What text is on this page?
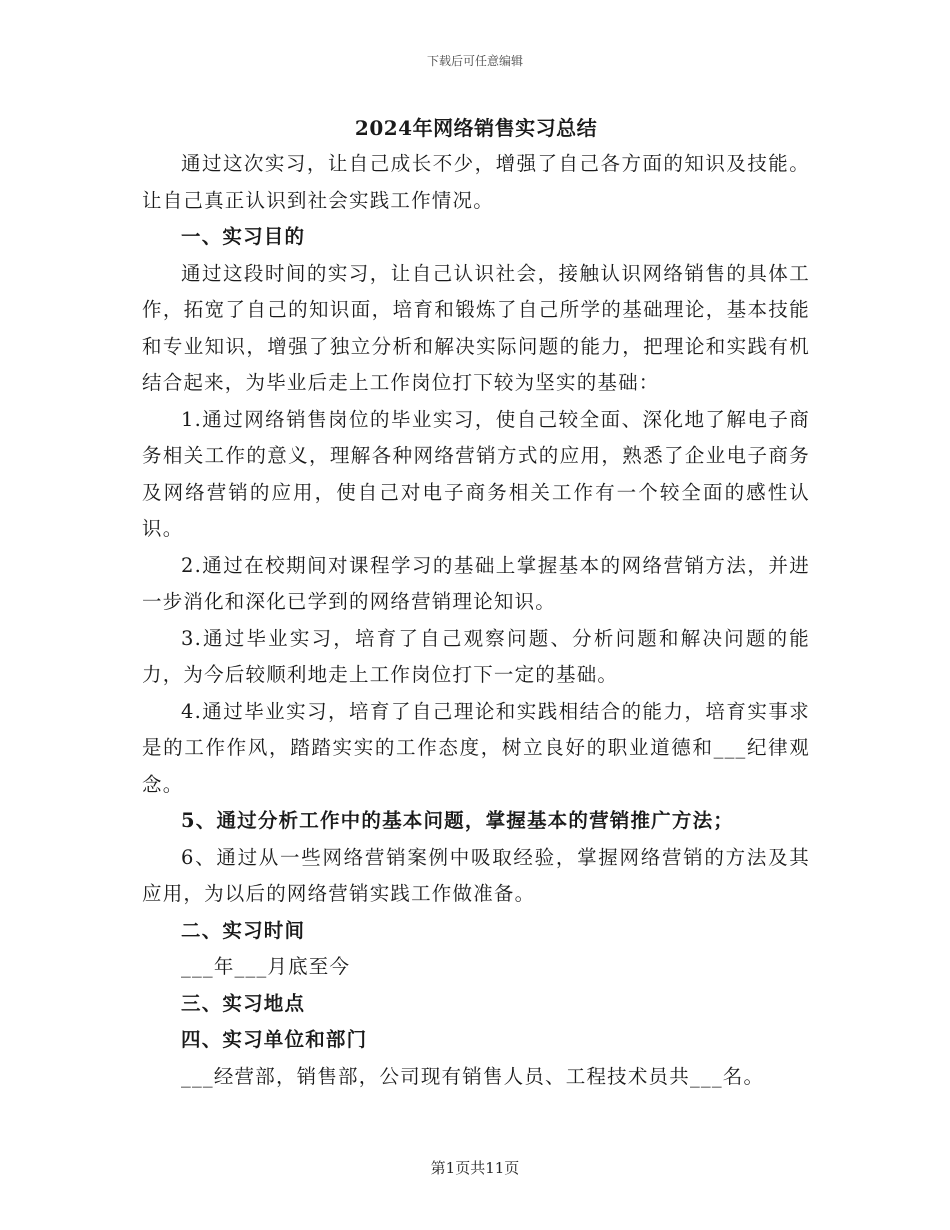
下载后可任意编辑
2024年网络销售实习总结

通过这次实习，让自己成长不少，增强了自己各方面的知识及技能。让自己真正认识到社会实践工作情况。

一、实习目的

通过这段时间的实习，让自己认识社会，接触认识网络销售的具体工作，拓宽了自己的知识面，培育和锻炼了自己所学的基础理论，基本技能和专业知识，增强了独立分析和解决实际问题的能力，把理论和实践有机结合起来，为毕业后走上工作岗位打下较为坚实的基础：

1.通过网络销售岗位的毕业实习，使自己较全面、深化地了解电子商务相关工作的意义，理解各种网络营销方式的应用，熟悉了企业电子商务及网络营销的应用，使自己对电子商务相关工作有一个较全面的感性认识。

2.通过在校期间对课程学习的基础上掌握基本的网络营销方法，并进一步消化和深化已学到的网络营销理论知识。

3.通过毕业实习，培育了自己观察问题、分析问题和解决问题的能力，为今后较顺利地走上工作岗位打下一定的基础。

4.通过毕业实习，培育了自己理论和实践相结合的能力，培育实事求是的工作作风，踏踏实实的工作态度，树立良好的职业道德和___纪律观念。

5、通过分析工作中的基本问题，掌握基本的营销推广方法；

6、通过从一些网络营销案例中吸取经验，掌握网络营销的方法及其应用，为以后的网络营销实践工作做准备。

二、实习时间

___年___月底至今

三、实习地点

四、实习单位和部门

___经营部，销售部，公司现有销售人员、工程技术员共___名。

第1页共11页
